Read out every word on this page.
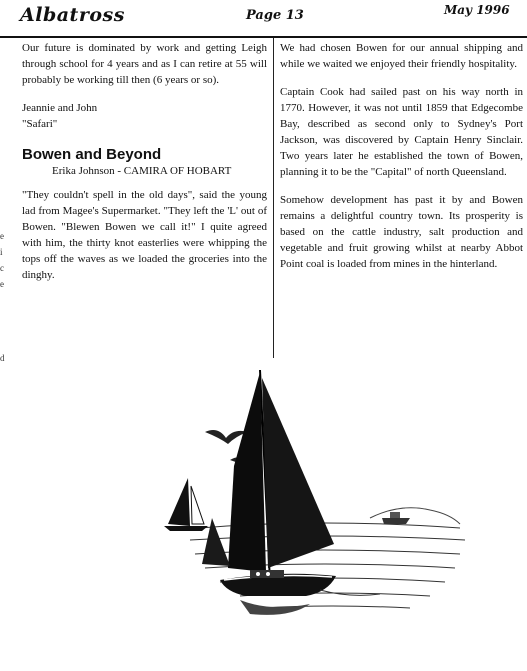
Albatross	Page 13	May 1996
e
i
c
e
d

Our future is dominated by work and getting Leigh through school for 4 years and as I can retire at 55 will probably be working till then (6 years or so).

Jeannie and John

"Safari"

Bowen and Beyond
Erika Johnson - CAMIRA OF HOBART

"They couldn't spell in the old days", said the young lad from Magee's Supermarket. "They left the 'L' out of Bowen. "Blewen Bowen we call it!" I quite agreed with him, the thirty knot easterlies were whipping the tops off the waves as we loaded the groceries into the dinghy.

We had chosen Bowen for our annual shipping and while we waited we enjoyed their friendly hospitality.

Captain Cook had sailed past on his way north in 1770. However, it was not until 1859 that Edgecombe Bay, described as second only to Sydney's Port Jackson, was discovered by Captain Henry Sinclair. Two years later he established the town of Bowen, planning it to be the "Capital" of north Queensland.

Somehow development has past it by and Bowen remains a delightful country town. Its prosperity is based on the cattle industry, salt production and vegetable and fruit growing whilst at nearby Abbot Point coal is loaded from mines in the hinterland.
